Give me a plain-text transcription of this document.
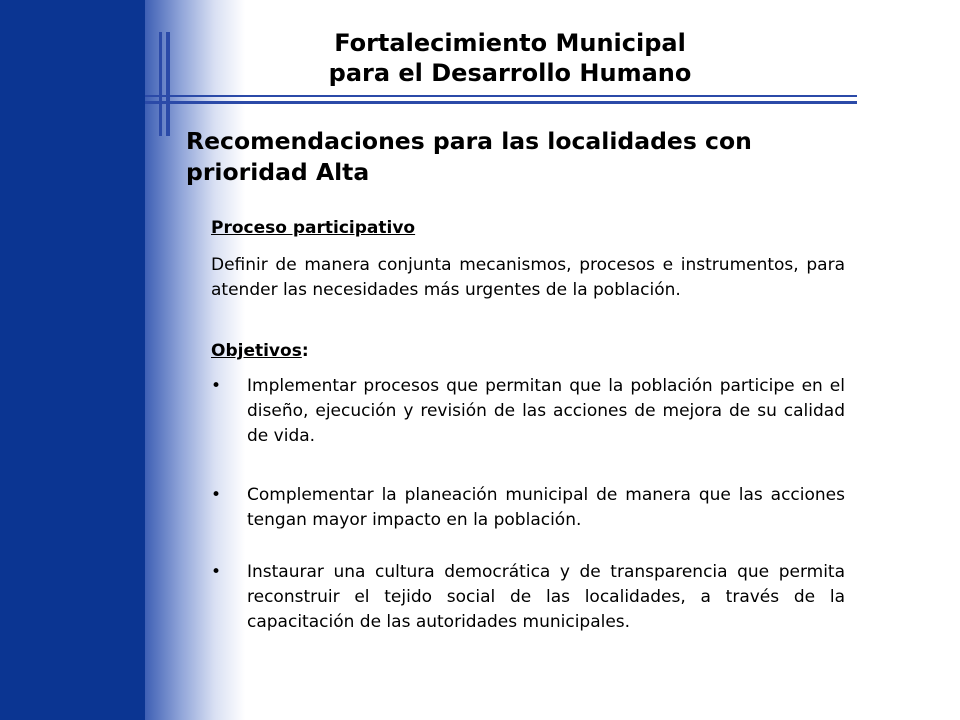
Fortalecimiento Municipal
para el Desarrollo Humano
Recomendaciones para las localidades con
prioridad Alta

Proceso participativo

Definir de manera conjunta mecanismos, procesos e instrumentos, para atender las necesidades más urgentes de la población.

Objetivos:

•	Implementar procesos que permitan que la población participe en el diseño, ejecución y revisión de las acciones de mejora de su calidad de vida.
•	Complementar la planeación municipal de manera que las acciones tengan mayor impacto en la población.
•	Instaurar una cultura democrática y de transparencia que permita reconstruir el tejido social de las localidades, a través de la capacitación de las autoridades municipales.
